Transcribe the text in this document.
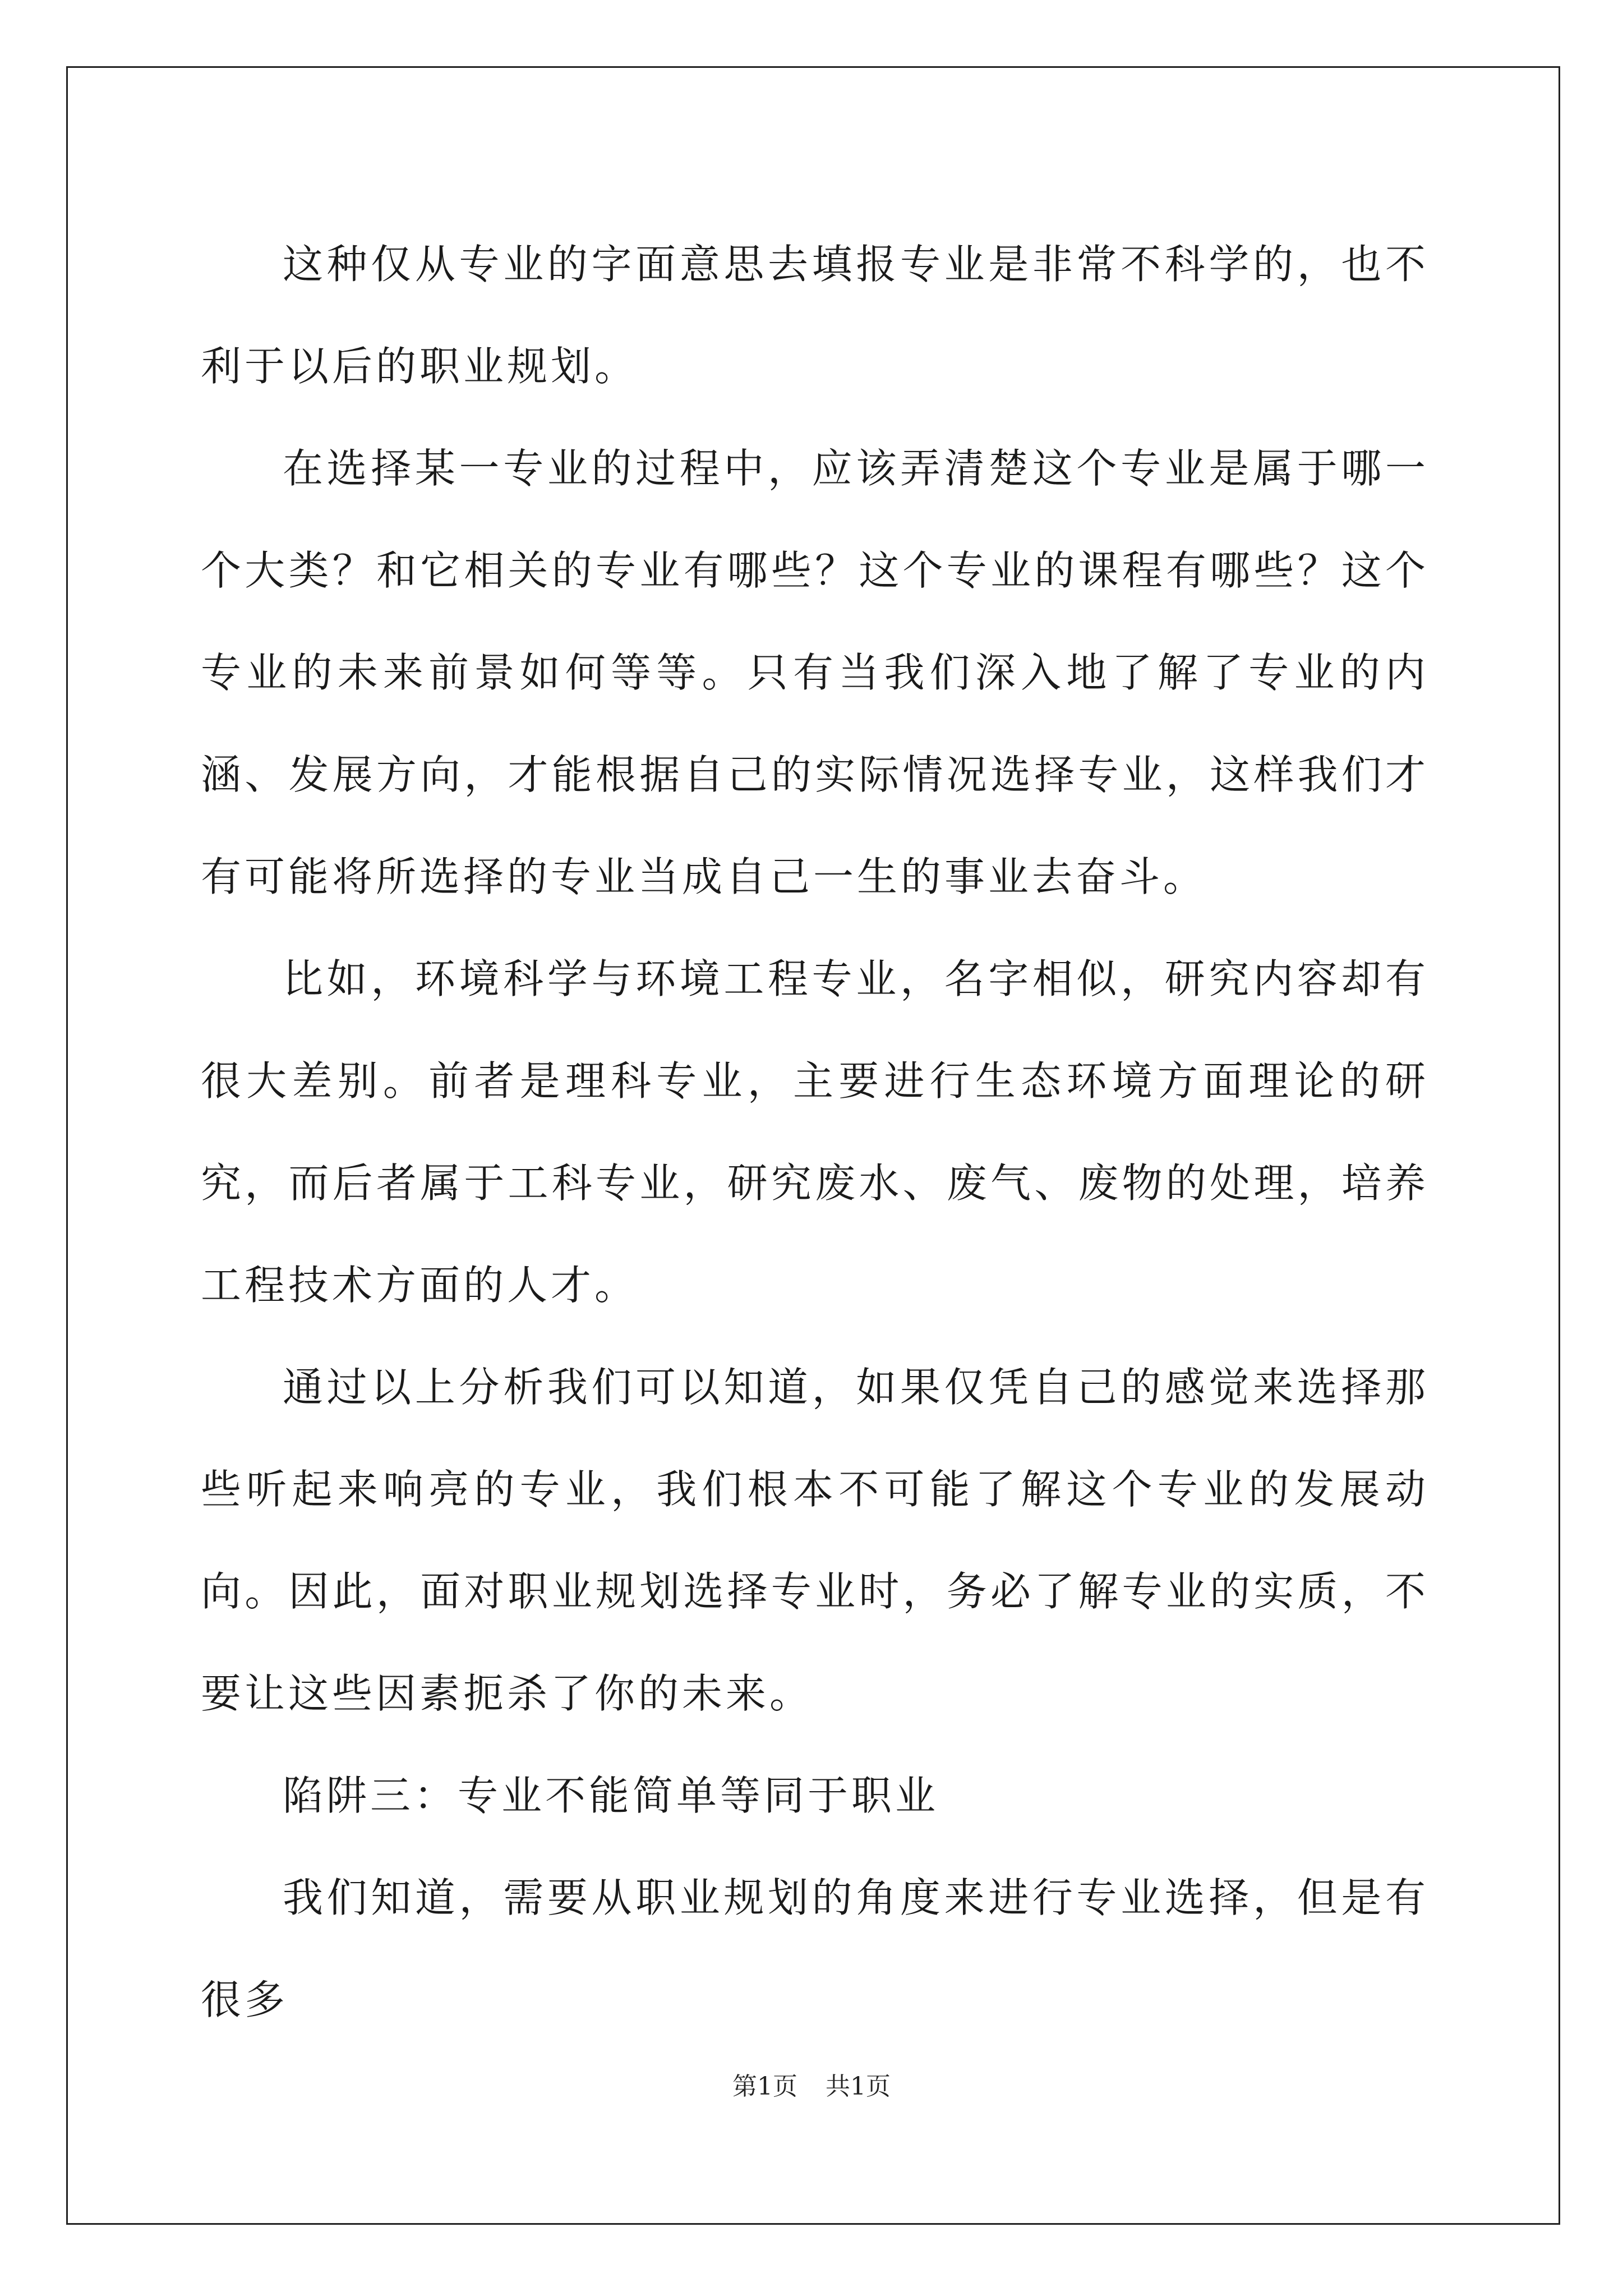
这种仅从专业的字面意思去填报专业是非常不科学的，也不利于以后的职业规划。

在选择某一专业的过程中，应该弄清楚这个专业是属于哪一个大类？和它相关的专业有哪些？这个专业的课程有哪些？这个专业的未来前景如何等等。只有当我们深入地了解了专业的内涵、发展方向，才能根据自己的实际情况选择专业，这样我们才有可能将所选择的专业当成自己一生的事业去奋斗。

比如，环境科学与环境工程专业，名字相似，研究内容却有很大差别。前者是理科专业，主要进行生态环境方面理论的研究，而后者属于工科专业，研究废水、废气、废物的处理，培养工程技术方面的人才。

通过以上分析我们可以知道，如果仅凭自己的感觉来选择那些听起来响亮的专业，我们根本不可能了解这个专业的发展动向。因此，面对职业规划选择专业时，务必了解专业的实质，不要让这些因素扼杀了你的未来。

陷阱三：专业不能简单等同于职业

我们知道，需要从职业规划的角度来进行专业选择，但是有很多

第1页 共1页
